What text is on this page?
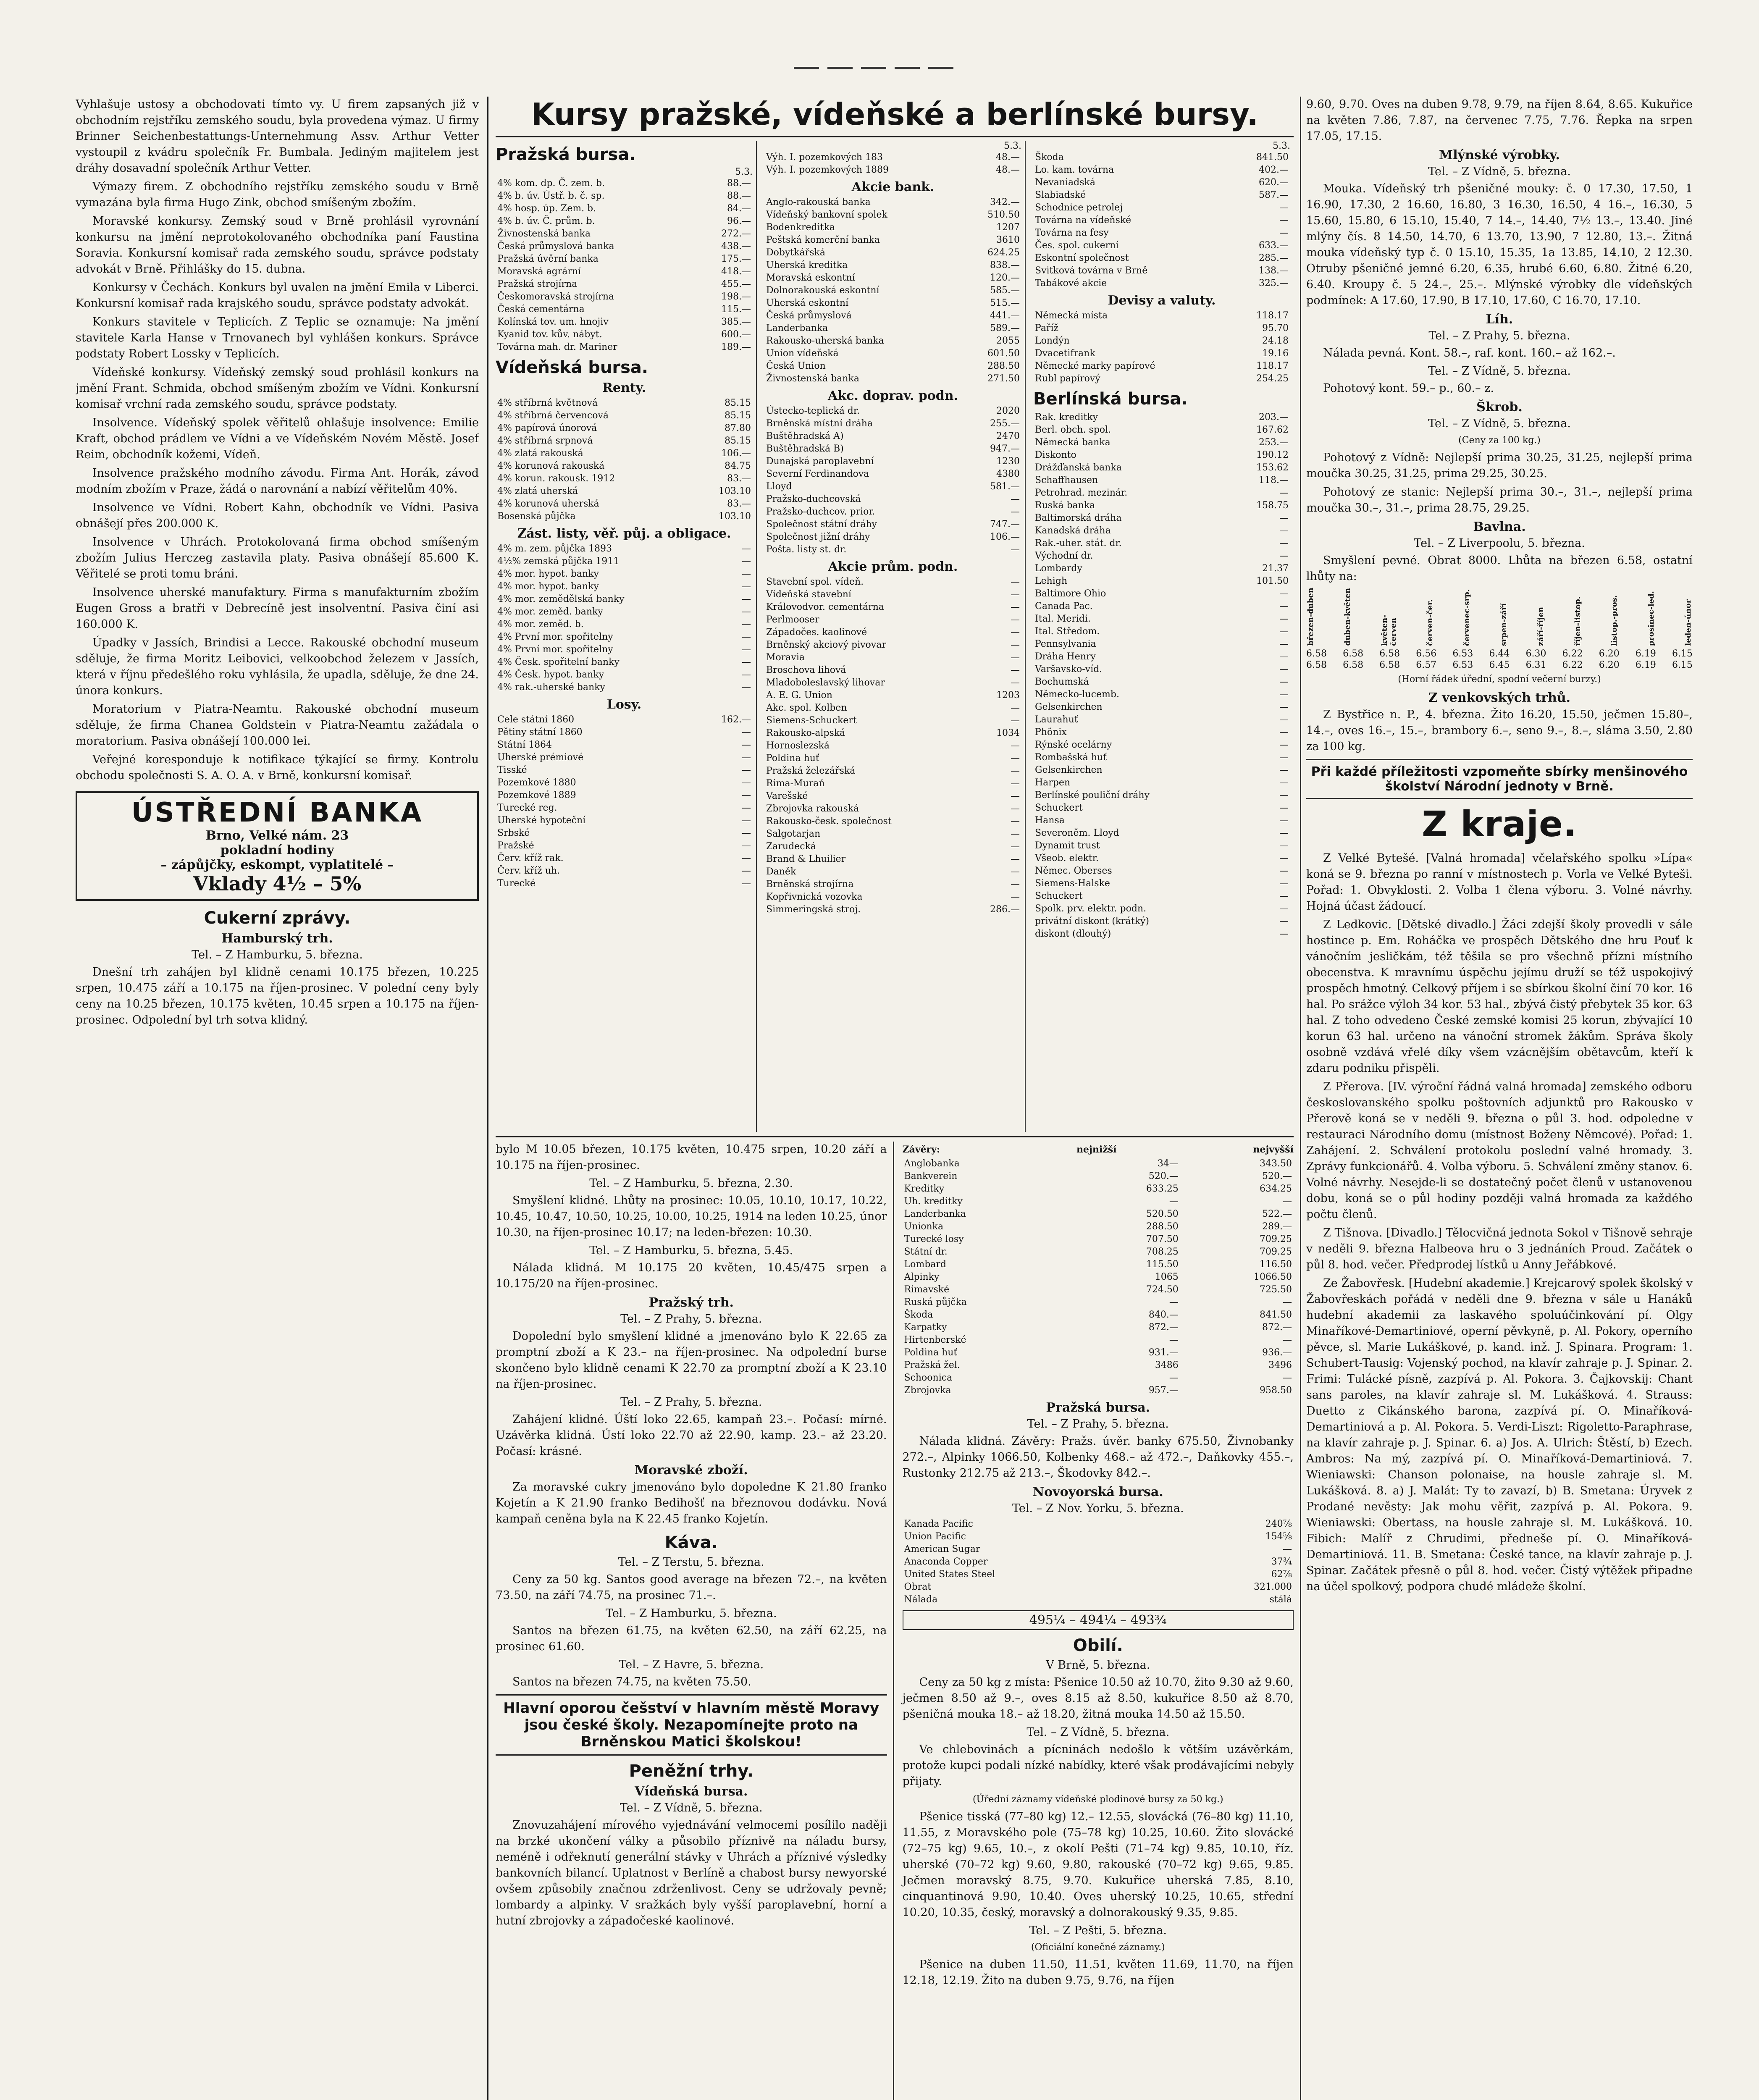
Vyhlašuje ustosy a obchodovati tímto vy. U firem zapsaných již v obchodním rejstříku zemského soudu, byla provedena výmaz. U firmy Brinner Seichenbestattungs-Unternehmung Assv. Arthur Vetter vystoupil z kvádru společník Fr. Bumbala. Jediným majitelem jest dráhy dosavadní společník Arthur Vetter.

Výmazy firem. Z obchodního rejstříku zemského soudu v Brně vymazána byla firma Hugo Zink, obchod smíšeným zbožím.

Moravské konkursy. Zemský soud v Brně prohlásil vyrovnání konkursu na jmění neprotokolovaného obchodníka paní Faustina Soravia. Konkursní komisař rada zemského soudu, správce podstaty advokát v Brně. Přihlášky do 15. dubna.

Konkursy v Čechách. Konkurs byl uvalen na jmění Emila v Liberci. Konkursní komisař rada krajského soudu, správce podstaty advokát.

Konkurs stavitele v Teplicích. Z Teplic se oznamuje: Na jmění stavitele Karla Hanse v Trnovanech byl vyhlášen konkurs. Správce podstaty Robert Lossky v Teplicích.

Vídeňské konkursy. Vídeňský zemský soud prohlásil konkurs na jmění Frant. Schmida, obchod smíšeným zbožím ve Vídni. Konkursní komisař vrchní rada zemského soudu, správce podstaty.

Insolvence. Vídeňský spolek věřitelů ohlašuje insolvence: Emilie Kraft, obchod prádlem ve Vídni a ve Vídeňském Novém Městě. Josef Reim, obchodník kožemi, Vídeň.

Insolvence pražského modního závodu. Firma Ant. Horák, závod modním zbožím v Praze, žádá o narovnání a nabízí věřitelům 40%.

Insolvence ve Vídni. Robert Kahn, obchodník ve Vídni. Pasiva obnášejí přes 200.000 K.

Insolvence v Uhrách. Protokolovaná firma obchod smíšeným zbožím Julius Herczeg zastavila platy. Pasiva obnášejí 85.600 K. Věřitelé se proti tomu bráni.

Insolvence uherské manufaktury. Firma s manufakturním zbožím Eugen Gross a bratři v Debrecíně jest insolventní. Pasiva činí asi 160.000 K.

Úpadky v Jassích, Brindisi a Lecce. Rakouské obchodní museum sděluje, že firma Moritz Leibovici, velkoobchod železem v Jassích, která v říjnu předešlého roku vyhlásila, že upadla, sděluje, že dne 24. února konkurs.

Moratorium v Piatra-Neamtu. Rakouské obchodní museum sděluje, že firma Chanea Goldstein v Piatra-Neamtu zažádala o moratorium. Pasiva obnášejí 100.000 lei.

Veřejné koresponduje k notifikace týkající se firmy. Kontrolu obchodu společnosti S. A. O. A. v Brně, konkursní komisař.

ÚSTŘEDNÍ BANKA
Brno, Velké nám. 23
pokladní hodiny
– zápůjčky, eskompt, vyplatitelé –
Vklady 4½ – 5%
Cukerní zprávy.
Hamburský trh.
Tel. – Z Hamburku, 5. března.

Dnešní trh zahájen byl klidně cenami 10.175 březen, 10.225 srpen, 10.475 září a 10.175 na říjen-prosinec. V polední ceny byly ceny na 10.25 březen, 10.175 květen, 10.45 srpen a 10.175 na říjen-prosinec. Odpolední byl trh sotva klidný.

Kursy pražské, vídeňské a berlínské bursy.
Pražská bursa.
5.3.
4% kom. dp. Č. zem. b.	88.—
4% b. úv. Ústř. b. č. sp.	88.—
4% hosp. úp. Zem. b.	84.—
4% b. úv. Č. prům. b.	96.—
Živnostenská banka	272.—
Česká průmyslová banka	438.—
Pražská úvěrní banka	175.—
Moravská agrární	418.—
Pražská strojírna	455.—
Českomoravská strojírna	198.—
Česká cementárna	115.—
Kolínská tov. um. hnojiv	385.—
Kyanid tov. kův. nábyt.	600.—
Továrna mah. dr. Mariner	189.—
Vídeňská bursa.
Renty.
4% stříbrná květnová	85.15
4% stříbrná červencová	85.15
4% papírová únorová	87.80
4% stříbrná srpnová	85.15
4% zlatá rakouská	106.—
4% korunová rakouská	84.75
4% korun. rakousk. 1912	83.—
4% zlatá uherská	103.10
4% korunová uherská	83.—
Bosenská půjčka	103.10
Zást. listy, věř. půj. a obligace.
4% m. zem. půjčka 1893	—
4½% zemská půjčka 1911	—
4% mor. hypot. banky	—
4% mor. hypot. banky	—
4% mor. zemědělská banky	—
4% mor. zeměd. banky	—
4% mor. zeměd. b.	—
4% První mor. spořitelny	—
4% První mor. spořitelny	—
4% Česk. spořitelní banky	—
4% Česk. hypot. banky	—
4% rak.-uherské banky	—
Losy.
Cele státní 1860	162.—
Pětiny státní 1860	—
Státní 1864	—
Uherské prémiové	—
Tisské	—
Pozemkové 1880	—
Pozemkové 1889	—
Turecké reg.	—
Uherské hypoteční	—
Srbské	—
Pražské	—
Červ. kříž rak.	—
Červ. kříž uh.	—
Turecké	—
5.3.
Výh. I. pozemkových 183	48.—
Výh. I. pozemkových 1889	48.—
Akcie bank.
Anglo-rakouská banka	342.—
Vídeňský bankovní spolek	510.50
Bodenkreditka	1207
Peštská komerční banka	3610
Dobytkářská	624.25
Uherská kreditka	838.—
Moravská eskontní	120.—
Dolnorakouská eskontní	585.—
Uherská eskontní	515.—
Česká průmyslová	441.—
Landerbanka	589.—
Rakousko-uherská banka	2055
Union vídeňská	601.50
Česká Union	288.50
Živnostenská banka	271.50
Akc. doprav. podn.
Ústecko-teplická dr.	2020
Brněnská místní dráha	255.—
Buštěhradská A)	2470
Buštěhradská B)	947.—
Dunajská paroplavební	1230
Severní Ferdinandova	4380
Lloyd	581.—
Pražsko-duchcovská	—
Pražsko-duchcov. prior.	—
Společnost státní dráhy	747.—
Společnost jižní dráhy	106.—
Pošta. listy st. dr.	—
Akcie prům. podn.
Stavební spol. vídeň.	—
Vídeňská stavební	—
Královodvor. cementárna	—
Perlmooser	—
Západočes. kaolinové	—
Brněnský akciový pivovar	—
Moravia	—
Broschova lihová	—
Mladoboleslavský lihovar	—
A. E. G. Union	1203
Akc. spol. Kolben	—
Siemens-Schuckert	—
Rakousko-alpská	1034
Hornoslezská	—
Poldina huť	—
Pražská železářská	—
Rima-Murań	—
Varešské	—
Zbrojovka rakouská	—
Rakousko-česk. společnost	—
Salgotarjan	—
Zarudecká	—
Brand & Lhuilier	—
Daněk	—
Brněnská strojírna	—
Kopřivnická vozovka	—
Simmeringská stroj.	286.—
5.3.
Škoda	841.50
Lo. kam. továrna	402.—
Nevaniadská	620.—
Slabiadské	587.—
Schodnice petrolej	—
Továrna na vídeňské	—
Továrna na fesy	—
Čes. spol. cukerní	633.—
Eskontní společnost	285.—
Svitková továrna v Brně	138.—
Tabákové akcie	325.—
Devisy a valuty.
Německá místa	118.17
Paříž	95.70
Londýn	24.18
Dvacetifrank	19.16
Německé marky papírové	118.17
Rubl papírový	254.25
Berlínská bursa.
Rak. kreditky	203.—
Berl. obch. spol.	167.62
Německá banka	253.—
Diskonto	190.12
Drážďanská banka	153.62
Schaffhausen	118.—
Petrohrad. mezinár.	—
Ruská banka	158.75
Baltimorská dráha	—
Kanadská dráha	—
Rak.-uher. stát. dr.	—
Východní dr.	—
Lombardy	21.37
Lehigh	101.50
Baltimore Ohio	—
Canada Pac.	—
Ital. Meridi.	—
Ital. Středom.	—
Pennsylvania	—
Dráha Henry	—
Varšavsko-víd.	—
Bochumská	—
Německo-lucemb.	—
Gelsenkirchen	—
Laurahuť	—
Phönix	—
Rýnské ocelárny	—
Rombašská huť	—
Gelsenkirchen	—
Harpen	—
Berlínské pouliční dráhy	—
Schuckert	—
Hansa	—
Severoněm. Lloyd	—
Dynamit trust	—
Všeob. elektr.	—
Němec. Oberses	—
Siemens-Halske	—
Schuckert	—
Spolk. prv. elektr. podn.	—
privátní diskont (krátký)	—
diskont (dlouhý)	—

bylo M 10.05 březen, 10.175 květen, 10.475 srpen, 10.20 září a 10.175 na říjen-prosinec.

Tel. – Z Hamburku, 5. března, 2.30.

Smyšlení klidné. Lhůty na prosinec: 10.05, 10.10, 10.17, 10.22, 10.45, 10.47, 10.50, 10.25, 10.00, 10.25, 1914 na leden 10.25, únor 10.30, na říjen-prosinec 10.17; na leden-březen: 10.30.

Tel. – Z Hamburku, 5. března, 5.45.

Nálada klidná. M 10.175 20 květen, 10.45/475 srpen a 10.175/20 na říjen-prosinec.

Pražský trh.
Tel. – Z Prahy, 5. března.

Dopolední bylo smyšlení klidné a jmenováno bylo K 22.65 za promptní zboží a K 23.– na říjen-prosinec. Na odpolední burse skončeno bylo klidně cenami K 22.70 za promptní zboží a K 23.10 na říjen-prosinec.

Tel. – Z Prahy, 5. března.

Zahájení klidné. Úští loko 22.65, kampaň 23.–. Počasí: mírné. Uzávěrka klidná. Ústí loko 22.70 až 22.90, kamp. 23.– až 23.20. Počasí: krásné.

Moravské zboží.

Za moravské cukry jmenováno bylo dopoledne K 21.80 franko Kojetín a K 21.90 franko Bedihošť na březnovou dodávku. Nová kampaň ceněna byla na K 22.45 franko Kojetín.

Káva.
Tel. – Z Terstu, 5. března.

Ceny za 50 kg. Santos good average na březen 72.–, na květen 73.50, na září 74.75, na prosinec 71.–.

Tel. – Z Hamburku, 5. března.

Santos na březen 61.75, na květen 62.50, na září 62.25, na prosinec 61.60.

Tel. – Z Havre, 5. března.

Santos na březen 74.75, na květen 75.50.

Hlavní oporou češství v hlavním městě Moravy jsou české školy. Nezapomínejte proto na Brněnskou Matici školskou!
Peněžní trhy.
Vídeňská bursa.
Tel. – Z Vídně, 5. března.

Znovuzahájení mírového vyjednávání velmocemi posílilo naději na brzké ukončení války a působilo příznivě na náladu bursy, neméně i odřeknutí generální stávky v Uhrách a příznivé výsledky bankovních bilancí. Uplatnost v Berlíně a chabost bursy newyorské ovšem způsobily značnou zdrženlivost. Ceny se udržovaly pevně; lombardy a alpinky. V sražkách byly vyšší paroplavební, horní a hutní zbrojovky a západočeské kaolinové.

Závěry:	nejnižší	nejvyšší
Anglobanka	34—	343.50
Bankverein	520.—	520.—
Kreditky	633.25	634.25
Uh. kreditky	—	—
Landerbanka	520.50	522.—
Unionka	288.50	289.—
Turecké losy	707.50	709.25
Státní dr.	708.25	709.25
Lombard	115.50	116.50
Alpinky	1065	1066.50
Rimavské	724.50	725.50
Ruská půjčka	—	—
Škoda	840.—	841.50
Karpatky	872.—	872.—
Hirtenberské	—	—
Poldina huť	931.—	936.—
Pražská žel.	3486	3496
Schoonica	—	—
Zbrojovka	957.—	958.50
Pražská bursa.
Tel. – Z Prahy, 5. března.

Nálada klidná. Závěry: Pražs. úvěr. banky 675.50, Živnobanky 272.–, Alpinky 1066.50, Kolbenky 468.– až 472.–, Daňkovky 455.–, Rustonky 212.75 až 213.–, Škodovky 842.–.

Novoyorská bursa.
Tel. – Z Nov. Yorku, 5. března.
Kanada Pacific	240⅞
Union Pacific	154⅝
American Sugar	—
Anaconda Copper	37¾
United States Steel	62⅞
Obrat	321.000
Nálada	stálá
495¼ – 494¼ – 493¾
Obilí.
V Brně, 5. března.

Ceny za 50 kg z místa: Pšenice 10.50 až 10.70, žito 9.30 až 9.60, ječmen 8.50 až 9.–, oves 8.15 až 8.50, kukuřice 8.50 až 8.70, pšeničná mouka 18.– až 18.20, žitná mouka 14.50 až 15.50.

Tel. – Z Vídně, 5. března.

Ve chlebovinách a pícninách nedošlo k větším uzávěrkám, protože kupci podali nízké nabídky, které však prodávajícími nebyly přijaty.

(Úřední záznamy vídeňské plodinové bursy za 50 kg.)

Pšenice tisská (77–80 kg) 12.– 12.55, slovácká (76–80 kg) 11.10, 11.55, z Moravského pole (75–78 kg) 10.25, 10.60. Žito slovácké (72–75 kg) 9.65, 10.–, z okolí Pešti (71–74 kg) 9.85, 10.10, říz. uherské (70–72 kg) 9.60, 9.80, rakouské (70–72 kg) 9.65, 9.85. Ječmen moravský 8.75, 9.70. Kukuřice uherská 7.85, 8.10, cinquantinová 9.90, 10.40. Oves uherský 10.25, 10.65, střední 10.20, 10.35, český, moravský a dolnorakouský 9.35, 9.85.

Tel. – Z Pešti, 5. března.
(Oficiální konečné záznamy.)

Pšenice na duben 11.50, 11.51, květen 11.69, 11.70, na říjen 12.18, 12.19. Žito na duben 9.75, 9.76, na říjen

9.60, 9.70. Oves na duben 9.78, 9.79, na říjen 8.64, 8.65. Kukuřice na květen 7.86, 7.87, na červenec 7.75, 7.76. Řepka na srpen 17.05, 17.15.

Mlýnské výrobky.
Tel. – Z Vídně, 5. března.

Mouka. Vídeňský trh pšeničné mouky: č. 0 17.30, 17.50, 1 16.90, 17.30, 2 16.60, 16.80, 3 16.30, 16.50, 4 16.–, 16.30, 5 15.60, 15.80, 6 15.10, 15.40, 7 14.–, 14.40, 7½ 13.–, 13.40. Jiné mlýny čís. 8 14.50, 14.70, 6 13.70, 13.90, 7 12.80, 13.–. Žitná mouka vídeňský typ č. 0 15.10, 15.35, 1a 13.85, 14.10, 2 12.30. Otruby pšeničné jemné 6.20, 6.35, hrubé 6.60, 6.80. Žitné 6.20, 6.40. Kroupy č. 5 24.–, 25.–. Mlýnské výrobky dle vídeňských podmínek: A 17.60, 17.90, B 17.10, 17.60, C 16.70, 17.10.

Líh.
Tel. – Z Prahy, 5. března.

Nálada pevná. Kont. 58.–, raf. kont. 160.– až 162.–.

Tel. – Z Vídně, 5. března.

Pohotový kont. 59.– p., 60.– z.

Škrob.
Tel. – Z Vídně, 5. března.
(Ceny za 100 kg.)

Pohotový z Vídně: Nejlepší prima 30.25, 31.25, nejlepší prima moučka 30.25, 31.25, prima 29.25, 30.25.

Pohotový ze stanic: Nejlepší prima 30.–, 31.–, nejlepší prima moučka 30.–, 31.–, prima 28.75, 29.25.

Bavlna.
Tel. – Z Liverpoolu, 5. března.

Smyšlení pevné. Obrat 8000. Lhůta na březen 6.58, ostatní lhůty na:

březen-duben	duben-květen	květen-červen	červen-čer.	červenec-srp.	srpen-září	září-říjen	říjen-listop.	listop.-pros.	prosinec-led.	leden-únor
6.58 6.58 6.58 6.56 6.53 6.44 6.30 6.22 6.20 6.19 6.15
6.58 6.58 6.58 6.57 6.53 6.45 6.31 6.22 6.20 6.19 6.15
(Horní řádek úřední, spodní večerní burzy.)
Z venkovských trhů.

Z Bystřice n. P., 4. března. Žito 16.20, 15.50, ječmen 15.80–, 14.–, oves 16.–, 15.–, brambory 6.–, seno 9.–, 8.–, sláma 3.50, 2.80 za 100 kg.

Při každé příležitosti vzpomeňte sbírky menšinového školství Národní jednoty v Brně.
Z kraje.

Z Velké Bytešé. [Valná hromada] včelařského spolku »Lípa« koná se 9. března po ranní v místnostech p. Vorla ve Velké Byteši. Pořad: 1. Obvyklosti. 2. Volba 1 člena výboru. 3. Volné návrhy. Hojná účast žádoucí.

Z Ledkovic. [Dětské divadlo.] Žáci zdejší školy provedli v sále hostince p. Em. Roháčka ve prospěch Dětského dne hru Pouť k vánočním jesličkám, též těšila se pro všechně přízni místního obecenstva. K mravnímu úspěchu jejímu druží se též uspokojivý prospěch hmotný. Celkový příjem i se sbírkou školní činí 70 kor. 16 hal. Po srážce výloh 34 kor. 53 hal., zbývá čistý přebytek 35 kor. 63 hal. Z toho odvedeno České zemské komisi 25 korun, zbývající 10 korun 63 hal. určeno na vánoční stromek žákům. Správa školy osobně vzdává vřelé díky všem vzácnějším obětavcům, kteří k zdaru podniku přispěli.

Z Přerova. [IV. výroční řádná valná hromada] zemského odboru českoslovanského spolku poštovních adjunktů pro Rakousko v Přerově koná se v neděli 9. března o půl 3. hod. odpoledne v restauraci Národního domu (místnost Boženy Němcové). Pořad: 1. Zahájení. 2. Schválení protokolu poslední valné hromady. 3. Zprávy funkcionářů. 4. Volba výboru. 5. Schválení změny stanov. 6. Volné návrhy. Nesejde-li se dostatečný počet členů v ustanovenou dobu, koná se o půl hodiny později valná hromada za každého počtu členů.

Z Tišnova. [Divadlo.] Tělocvičná jednota Sokol v Tišnově sehraje v neděli 9. března Halbeova hru o 3 jednáních Proud. Začátek o půl 8. hod. večer. Předprodej lístků u Anny Jeřábkové.

Ze Žabovřesk. [Hudební akademie.] Krejcarový spolek školský v Žabovřeskách pořádá v neděli dne 9. března v sále u Hanáků hudební akademii za laskavého spoluúčinkování pí. Olgy Minaříkové-Demartiniové, operní pěvkyně, p. Al. Pokory, operního pěvce, sl. Marie Lukáškové, p. kand. inž. J. Spinara. Program: 1. Schubert-Tausig: Vojenský pochod, na klavír zahraje p. J. Spinar. 2. Frimi: Tulácké písně, zazpívá p. Al. Pokora. 3. Čajkovskij: Chant sans paroles, na klavír zahraje sl. M. Lukášková. 4. Strauss: Duetto z Cikánského barona, zazpívá pí. O. Minaříková-Demartiniová a p. Al. Pokora. 5. Verdi-Liszt: Rigoletto-Paraphrase, na klavír zahraje p. J. Spinar. 6. a) Jos. A. Ulrich: Štěstí, b) Ezech. Ambros: Na mý, zazpívá pí. O. Minaříková-Demartiniová. 7. Wieniawski: Chanson polonaise, na housle zahraje sl. M. Lukášková. 8. a) J. Malát: Ty to zavazí, b) B. Smetana: Úryvek z Prodané nevěsty: Jak mohu věřit, zazpívá p. Al. Pokora. 9. Wieniawski: Obertass, na housle zahraje sl. M. Lukášková. 10. Fibich: Malíř z Chrudimi, předneše pí. O. Minaříková-Demartiniová. 11. B. Smetana: České tance, na klavír zahraje p. J. Spinar. Začátek přesně o půl 8. hod. večer. Čistý výtěžek připadne na účel spolkový, podpora chudé mládeže školní.
